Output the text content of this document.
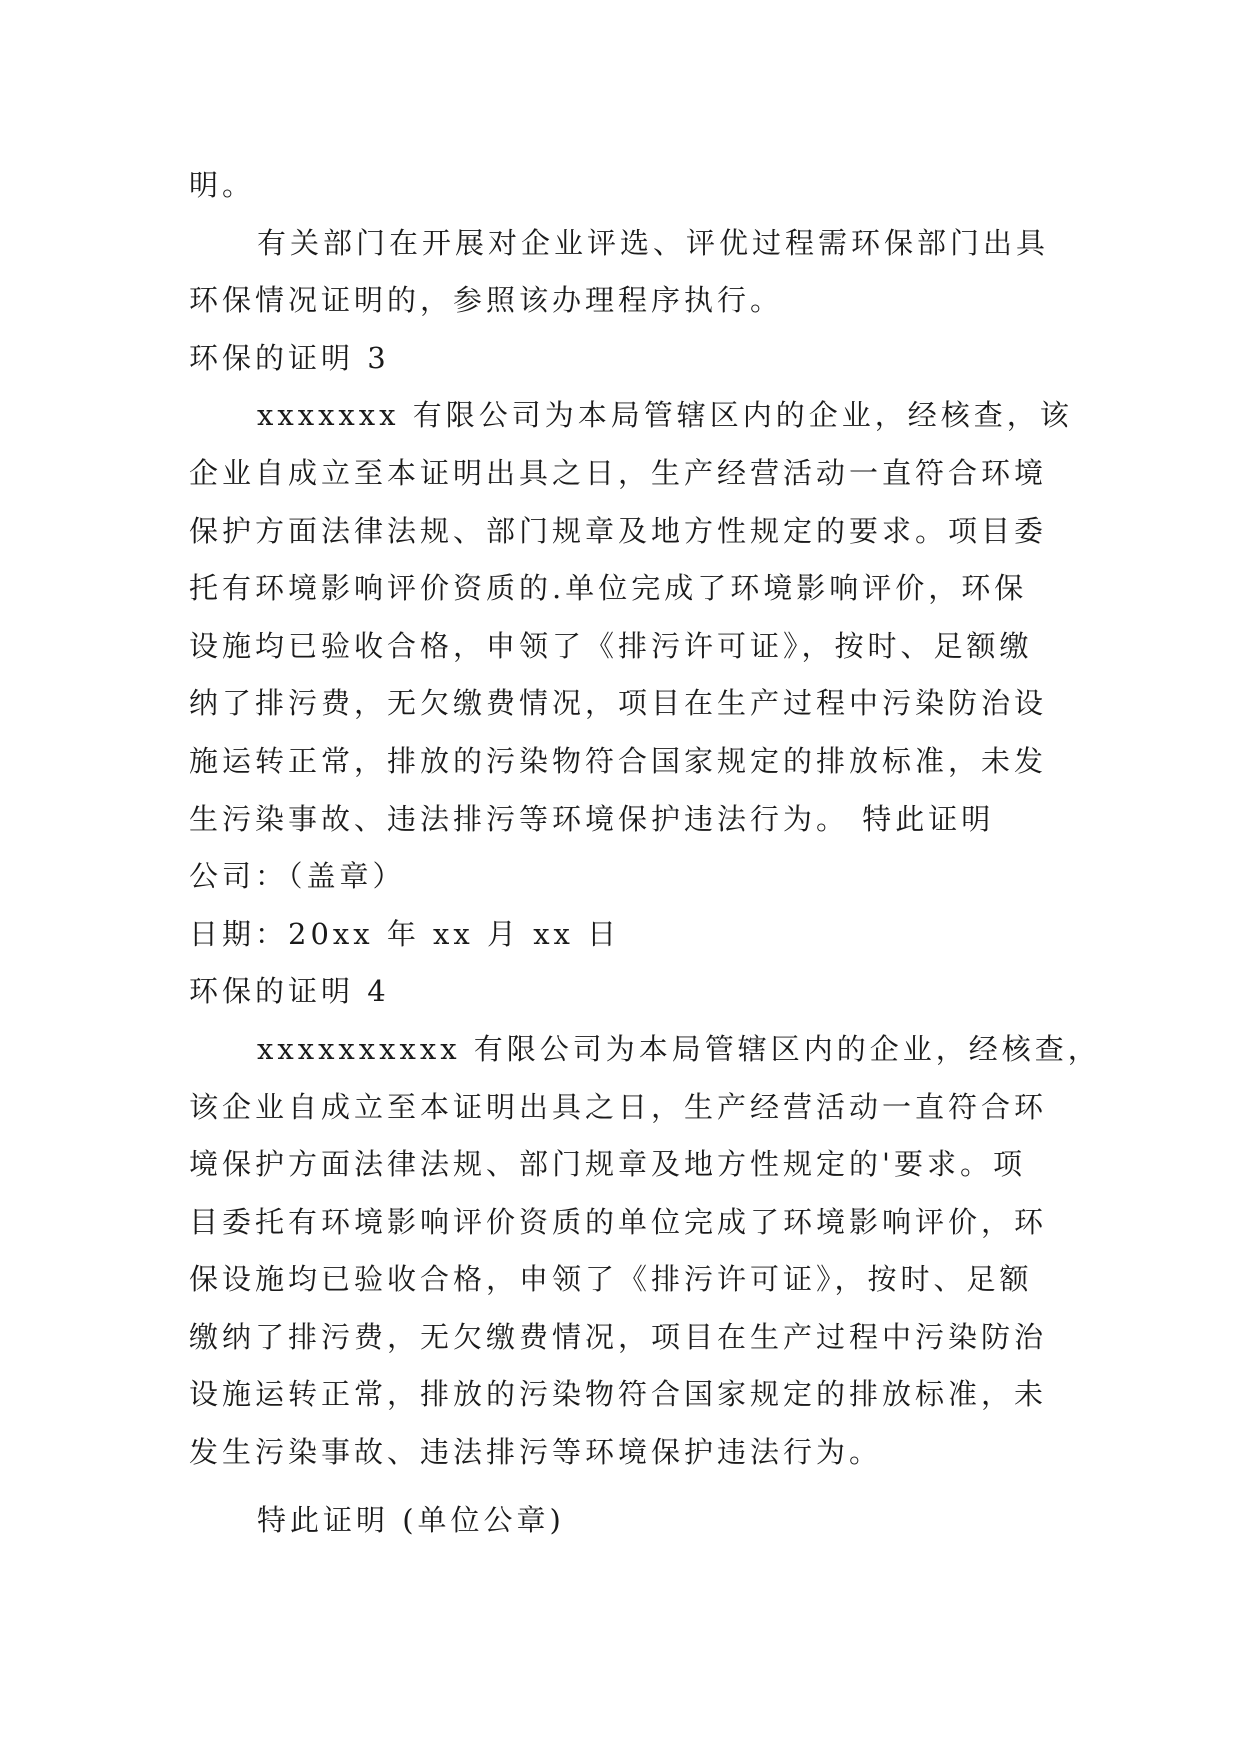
明。
有关部门在开展对企业评选、评优过程需环保部门出具
环保情况证明的，参照该办理程序执行。
环保的证明 3
xxxxxxx 有限公司为本局管辖区内的企业，经核查，该
企业自成立至本证明出具之日，生产经营活动一直符合环境
保护方面法律法规、部门规章及地方性规定的要求。项目委
托有环境影响评价资质的.单位完成了环境影响评价，环保
设施均已验收合格，申领了《排污许可证》，按时、足额缴
纳了排污费，无欠缴费情况，项目在生产过程中污染防治设
施运转正常，排放的污染物符合国家规定的排放标准，未发
生污染事故、违法排污等环境保护违法行为。 特此证明
公司：（盖章）
日期：20xx 年 xx 月 xx 日
环保的证明 4
xxxxxxxxxx 有限公司为本局管辖区内的企业，经核查，
该企业自成立至本证明出具之日，生产经营活动一直符合环
境保护方面法律法规、部门规章及地方性规定的'要求。项
目委托有环境影响评价资质的单位完成了环境影响评价，环
保设施均已验收合格，申领了《排污许可证》，按时、足额
缴纳了排污费，无欠缴费情况，项目在生产过程中污染防治
设施运转正常，排放的污染物符合国家规定的排放标准，未
发生污染事故、违法排污等环境保护违法行为。
特此证明 (单位公章)
